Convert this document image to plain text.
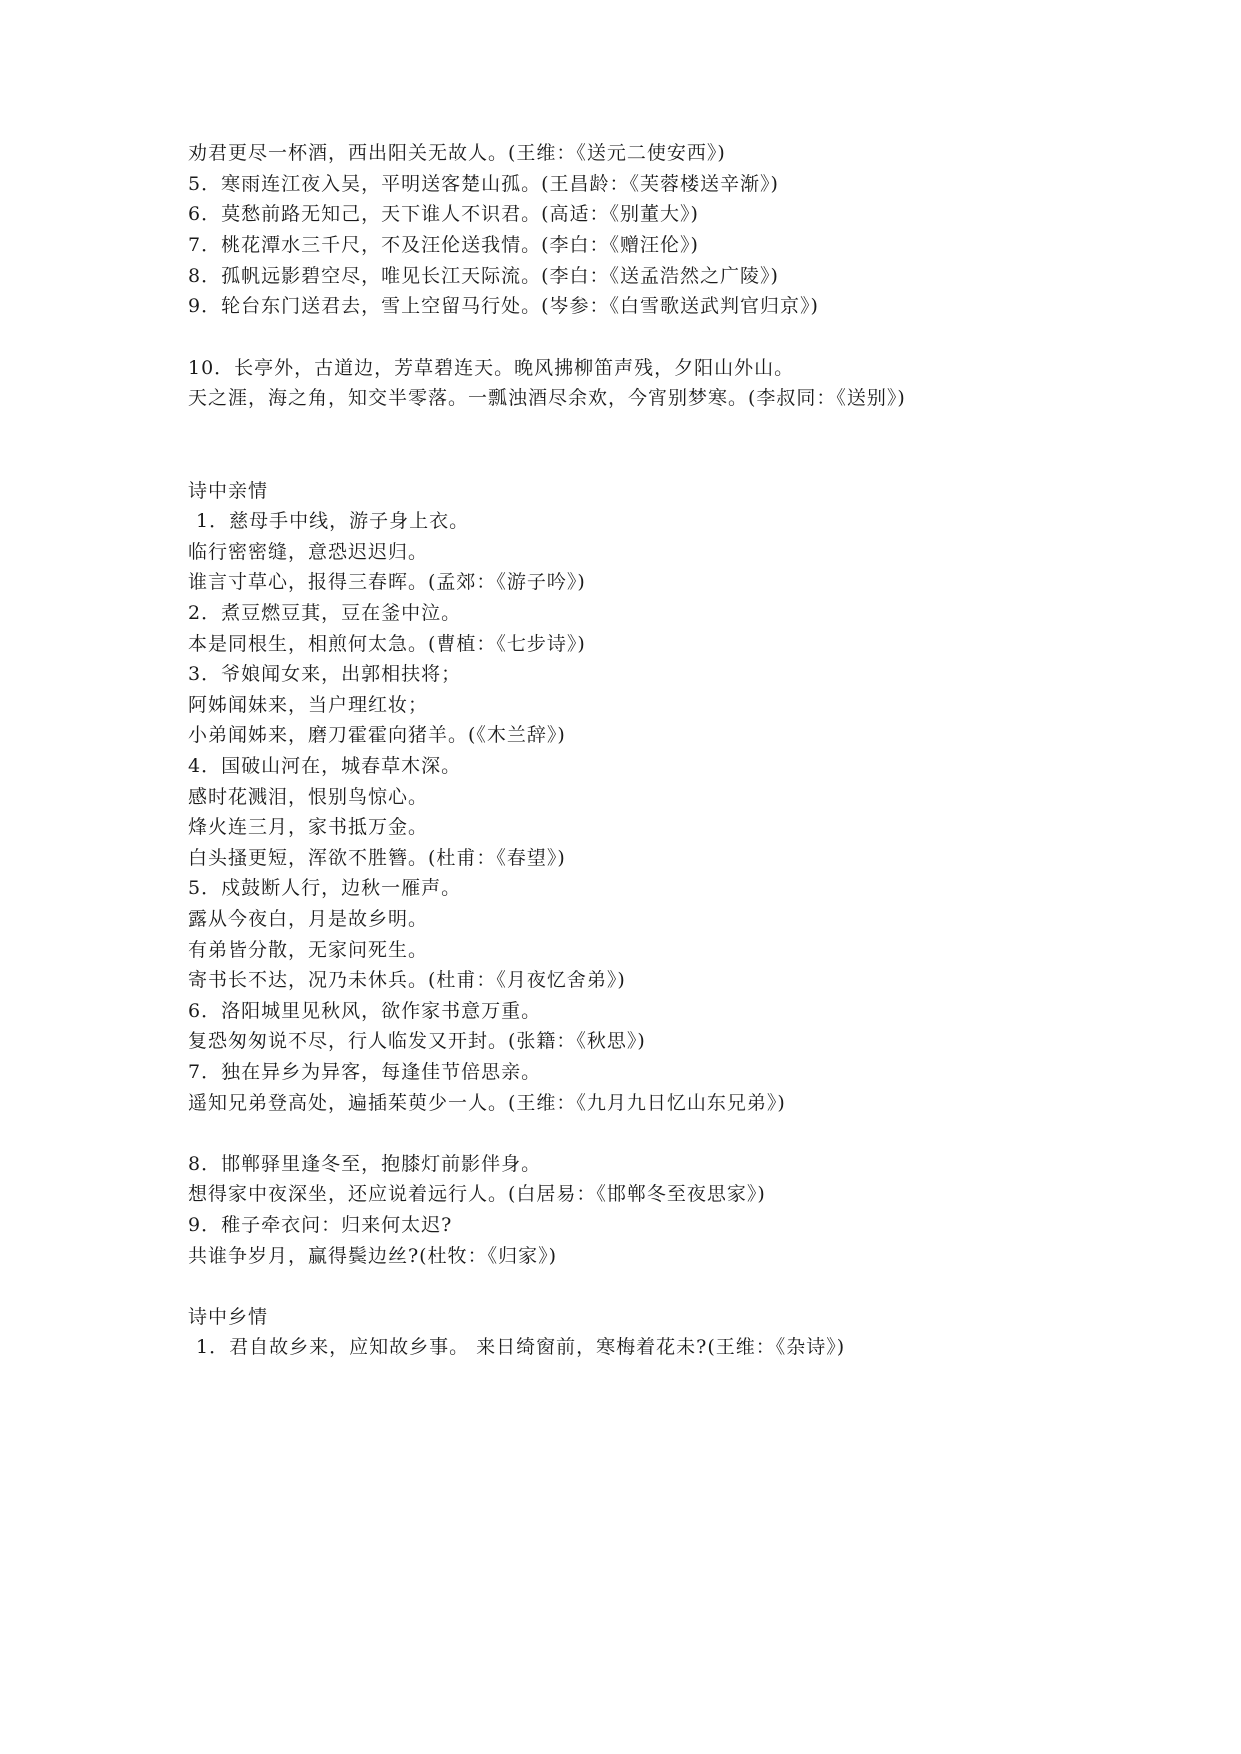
劝君更尽一杯酒，西出阳关无故人。(王维：《送元二使安西》)
5．寒雨连江夜入吴，平明送客楚山孤。(王昌龄：《芙蓉楼送辛渐》)
6．莫愁前路无知己，天下谁人不识君。(高适：《别董大》)
7．桃花潭水三千尺，不及汪伦送我情。(李白：《赠汪伦》)
8．孤帆远影碧空尽，唯见长江天际流。(李白：《送孟浩然之广陵》)
9．轮台东门送君去，雪上空留马行处。(岑参：《白雪歌送武判官归京》)
10．长亭外，古道边，芳草碧连天。晚风拂柳笛声残，夕阳山外山。
天之涯，海之角，知交半零落。一瓢浊酒尽余欢，今宵别梦寒。(李叔同：《送别》)
诗中亲情
1．慈母手中线，游子身上衣。
临行密密缝，意恐迟迟归。
谁言寸草心，报得三春晖。(孟郊：《游子吟》)
2．煮豆燃豆萁，豆在釜中泣。
本是同根生，相煎何太急。(曹植：《七步诗》)
3．爷娘闻女来，出郭相扶将；
阿姊闻妹来，当户理红妆；
小弟闻姊来，磨刀霍霍向猪羊。(《木兰辞》)
4．国破山河在，城春草木深。
感时花溅泪，恨别鸟惊心。
烽火连三月，家书抵万金。
白头搔更短，浑欲不胜簪。(杜甫：《春望》)
5．戍鼓断人行，边秋一雁声。
露从今夜白，月是故乡明。
有弟皆分散，无家问死生。
寄书长不达，况乃未休兵。(杜甫：《月夜忆舍弟》)
6．洛阳城里见秋风，欲作家书意万重。
复恐匆匆说不尽，行人临发又开封。(张籍：《秋思》)
7．独在异乡为异客，每逢佳节倍思亲。
遥知兄弟登高处，遍插茱萸少一人。(王维：《九月九日忆山东兄弟》)
8．邯郸驿里逢冬至，抱膝灯前影伴身。
想得家中夜深坐，还应说着远行人。(白居易：《邯郸冬至夜思家》)
9．稚子牵衣问：归来何太迟?
共谁争岁月，赢得鬓边丝?(杜牧：《归家》)
诗中乡情
1．君自故乡来，应知故乡事。 来日绮窗前，寒梅着花未?(王维：《杂诗》)
